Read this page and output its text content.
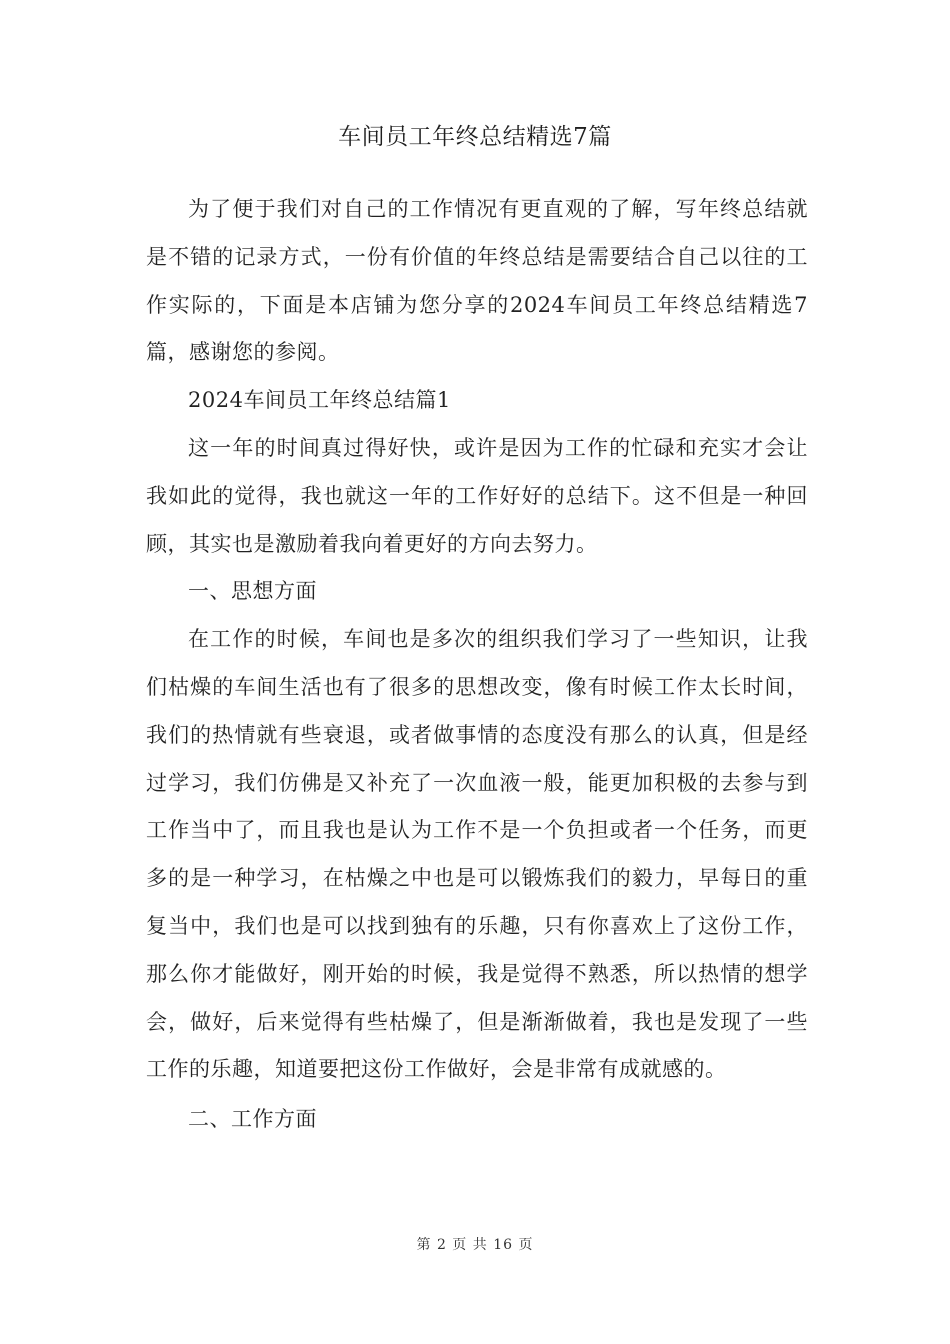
车间员工年终总结精选7篇

为了便于我们对自己的工作情况有更直观的了解，写年终总结就是不错的记录方式，一份有价值的年终总结是需要结合自己以往的工作实际的，下面是本店铺为您分享的2024车间员工年终总结精选7篇，感谢您的参阅。

2024车间员工年终总结篇1

这一年的时间真过得好快，或许是因为工作的忙碌和充实才会让我如此的觉得，我也就这一年的工作好好的总结下。这不但是一种回顾，其实也是激励着我向着更好的方向去努力。

一、思想方面

在工作的时候，车间也是多次的组织我们学习了一些知识，让我们枯燥的车间生活也有了很多的思想改变，像有时候工作太长时间，我们的热情就有些衰退，或者做事情的态度没有那么的认真，但是经过学习，我们仿佛是又补充了一次血液一般，能更加积极的去参与到工作当中了，而且我也是认为工作不是一个负担或者一个任务，而更多的是一种学习，在枯燥之中也是可以锻炼我们的毅力，早每日的重复当中，我们也是可以找到独有的乐趣，只有你喜欢上了这份工作，那么你才能做好，刚开始的时候，我是觉得不熟悉，所以热情的想学会，做好，后来觉得有些枯燥了，但是渐渐做着，我也是发现了一些工作的乐趣，知道要把这份工作做好，会是非常有成就感的。

二、工作方面

第 2 页 共 16 页
